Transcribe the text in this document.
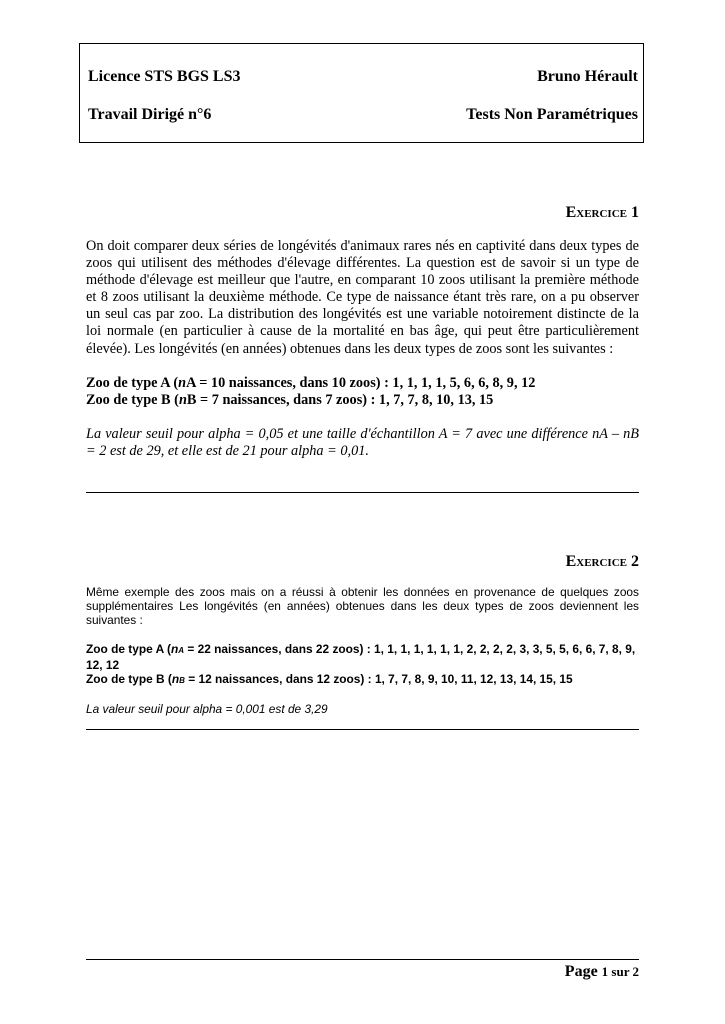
Licence STS BGS LS3	Bruno Hérault
Travail Dirigé n°6	Tests Non Paramétriques
Exercice 1

On doit comparer deux séries de longévités d'animaux rares nés en captivité dans deux types de zoos qui utilisent des méthodes d'élevage différentes. La question est de savoir si un type de méthode d'élevage est meilleur que l'autre, en comparant 10 zoos utilisant la première méthode et 8 zoos utilisant la deuxième méthode. Ce type de naissance étant très rare, on a pu observer un seul cas par zoo. La distribution des longévités est une variable notoirement distincte de la loi normale (en particulier à cause de la mortalité en bas âge, qui peut être particulièrement élevée). Les longévités (en années) obtenues dans les deux types de zoos sont les suivantes :

Zoo de type A (nA = 10 naissances, dans 10 zoos) : 1, 1, 1, 1, 5, 6, 6, 8, 9, 12

Zoo de type B (nB = 7 naissances, dans 7 zoos) : 1, 7, 7, 8, 10, 13, 15

La valeur seuil pour alpha = 0,05 et une taille d'échantillon A = 7 avec une différence nA – nB = 2 est de 29, et elle est de 21 pour alpha = 0,01.

Exercice 2

Même exemple des zoos mais on a réussi à obtenir les données en provenance de quelques zoos supplémentaires Les longévités (en années) obtenues dans les deux types de zoos deviennent les suivantes :

Zoo de type A (nA = 22 naissances, dans 22 zoos) : 1, 1, 1, 1, 1, 1, 1, 2, 2, 2, 2, 3, 3, 5, 5, 6, 6, 7, 8, 9, 12, 12

Zoo de type B (nB = 12 naissances, dans 12 zoos) : 1, 7, 7, 8, 9, 10, 11, 12, 13, 14, 15, 15

La valeur seuil pour alpha = 0,001 est de 3,29

Page 1 sur 2
